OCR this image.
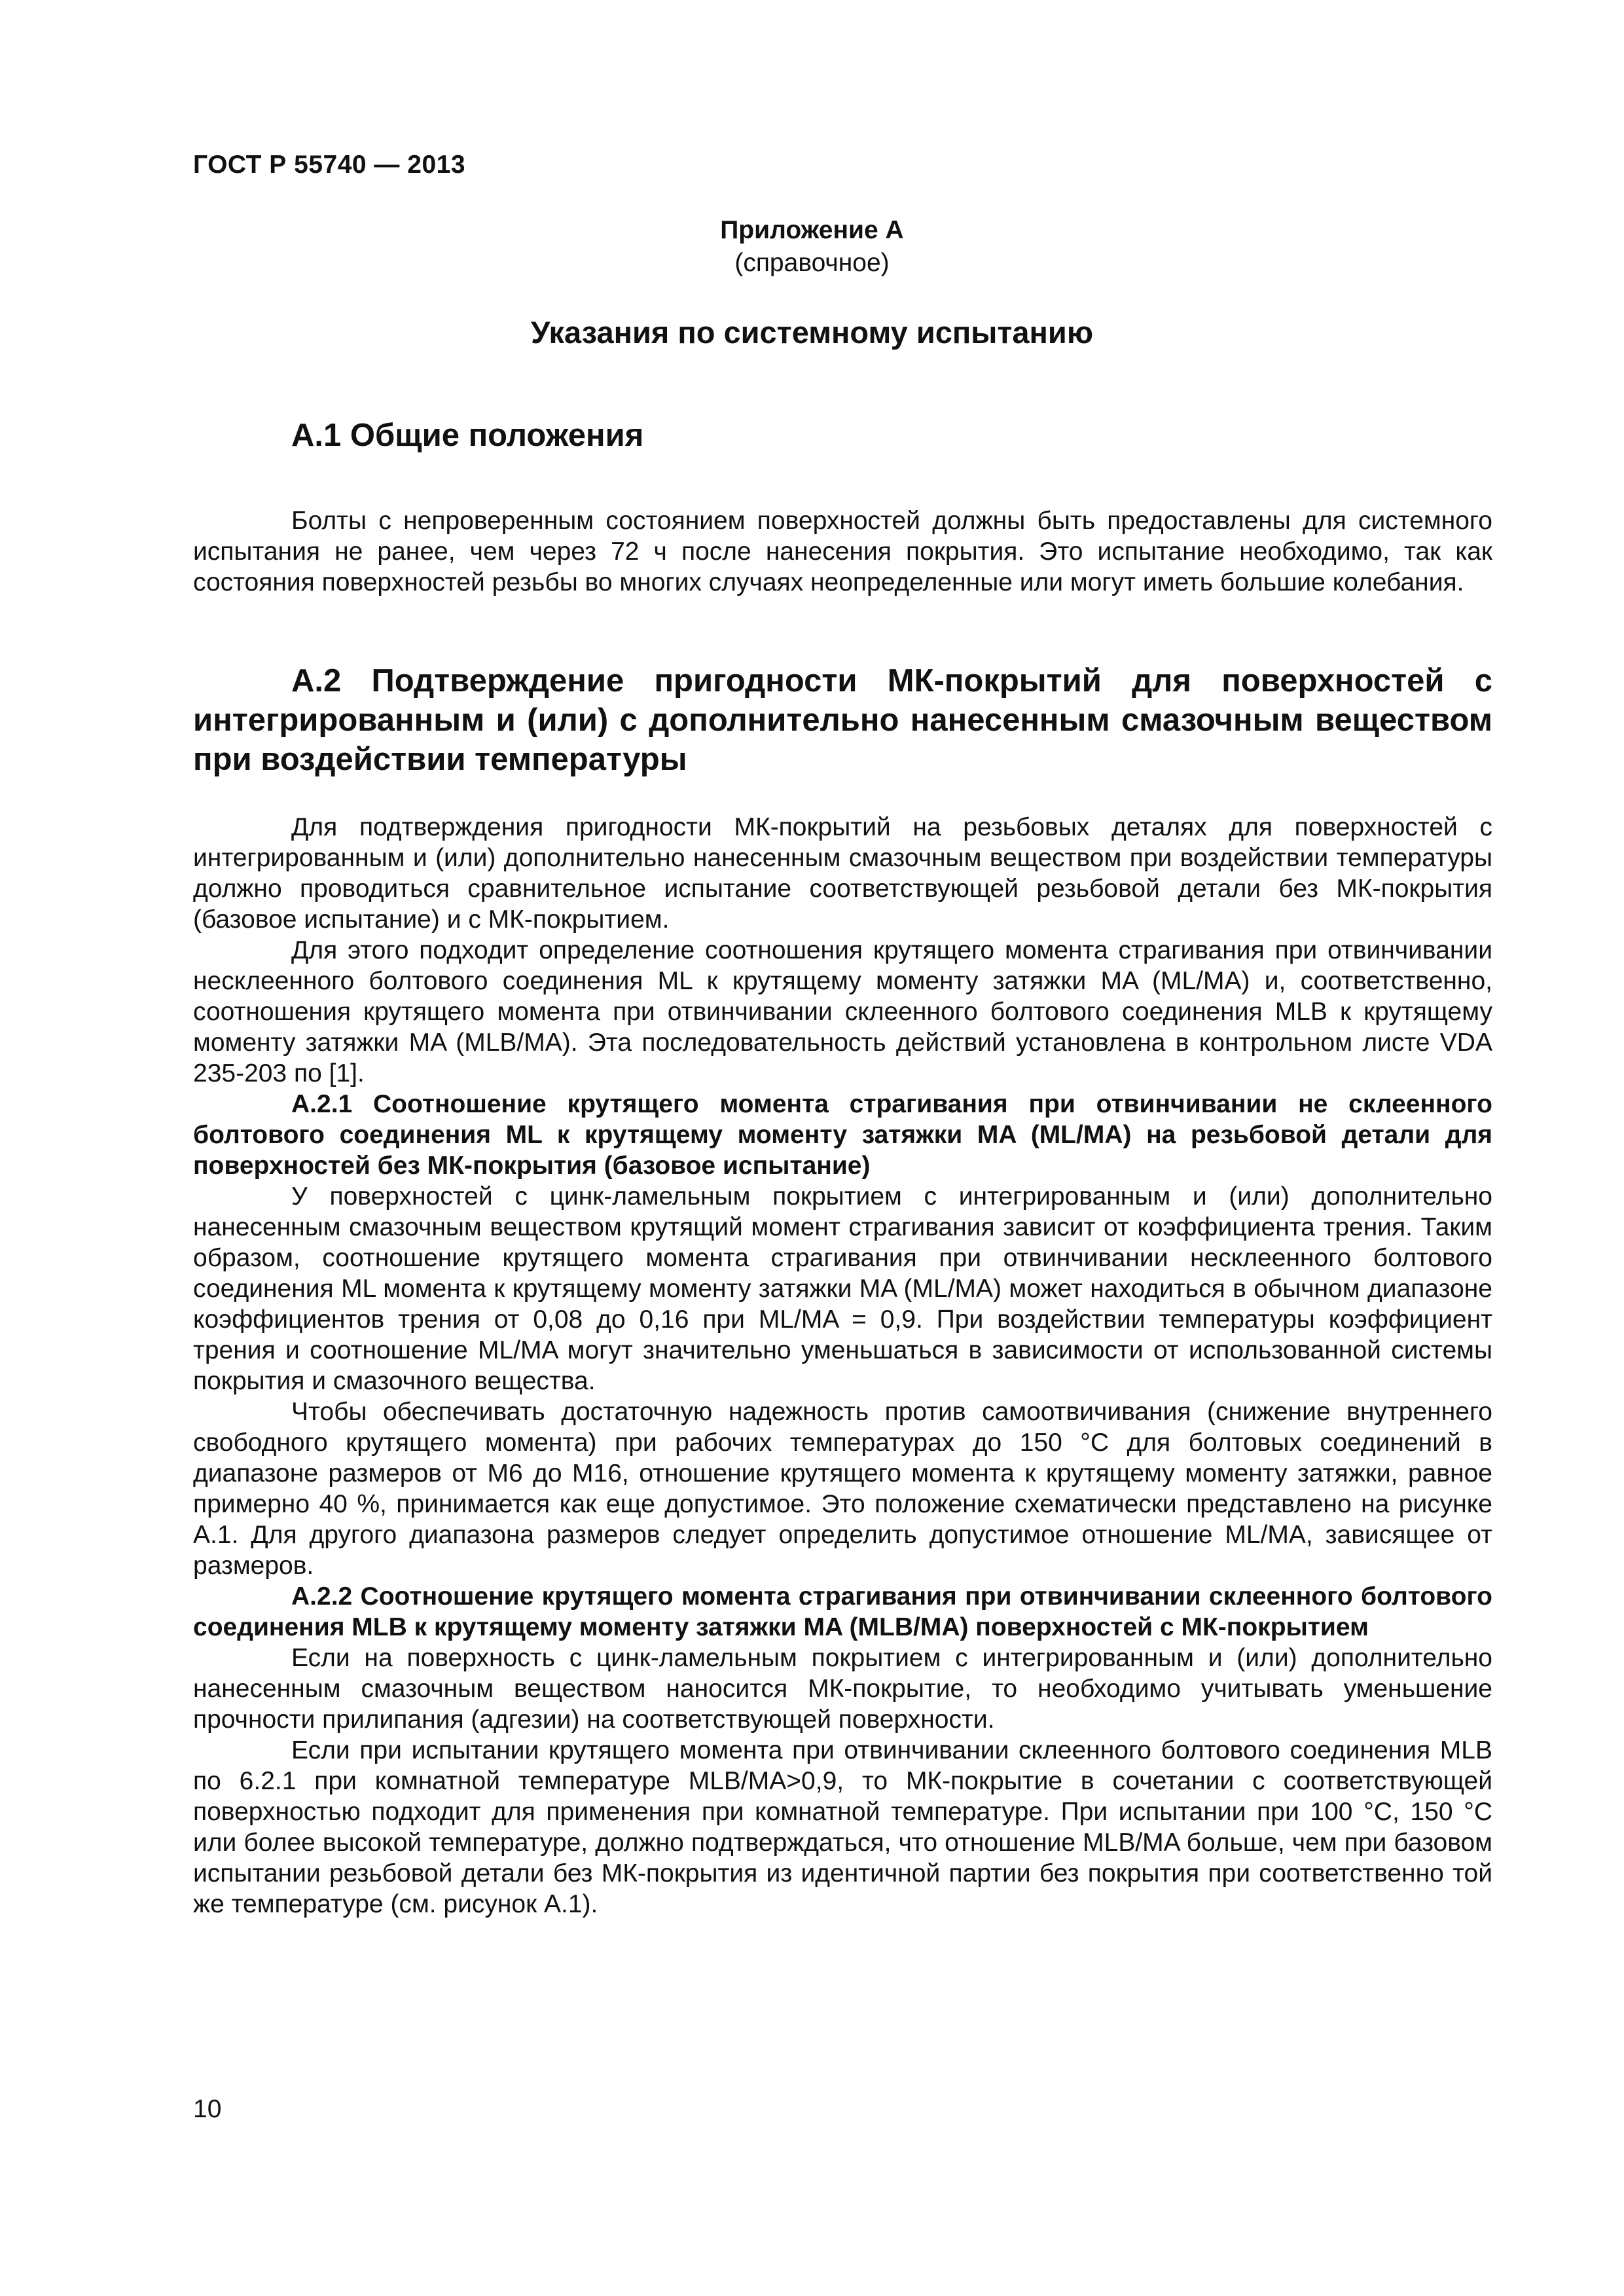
ГОСТ Р 55740 — 2013
Приложение А
(справочное)
Указания по системному испытанию
А.1 Общие положения

Болты с непроверенным состоянием поверхностей должны быть предоставлены для системного испытания не ранее, чем через 72 ч после нанесения покрытия. Это испытание необходимо, так как состояния поверхностей резьбы во многих случаях неопределенные или могут иметь большие колебания.

А.2 Подтверждение пригодности МК-покрытий для поверхностей с интегрированным и (или) с дополнительно нанесенным смазочным веществом при воздействии температуры

Для подтверждения пригодности МК-покрытий на резьбовых деталях для поверхностей с интегрированным и (или) дополнительно нанесенным смазочным веществом при воздействии температуры должно проводиться сравнительное испытание соответствующей резьбовой детали без МК-покрытия (базовое испытание) и с МК-покрытием.

Для этого подходит определение соотношения крутящего момента страгивания при отвинчивании несклеенного болтового соединения ML к крутящему моменту затяжки MA (ML/MA) и, соответственно, соотношения крутящего момента при отвинчивании склеенного болтового соединения MLB к крутящему моменту затяжки MA (MLB/MA). Эта последовательность действий установлена в контрольном листе VDA 235-203 по [1].

А.2.1 Соотношение крутящего момента страгивания при отвинчивании не склеенного болтового соединения ML к крутящему моменту затяжки MA (ML/MA) на резьбовой детали для поверхностей без МК-покрытия (базовое испытание)

У поверхностей с цинк-ламельным покрытием с интегрированным и (или) дополнительно нанесенным смазочным веществом крутящий момент страгивания зависит от коэффициента трения. Таким образом, соотношение крутящего момента страгивания при отвинчивании несклеенного болтового соединения ML момента к крутящему моменту затяжки MA (ML/MA) может находиться в обычном диапазоне коэффициентов трения от 0,08 до 0,16 при ML/MA = 0,9. При воздействии температуры коэффициент трения и соотношение ML/MA могут значительно уменьшаться в зависимости от использованной системы покрытия и смазочного вещества.

Чтобы обеспечивать достаточную надежность против самоотвичивания (снижение внутреннего свободного крутящего момента) при рабочих температурах до 150 °С для болтовых соединений в диапазоне размеров от М6 до М16, отношение крутящего момента к крутящему моменту затяжки, равное примерно 40 %, принимается как еще допустимое. Это положение схематически представлено на рисунке А.1. Для другого диапазона размеров следует определить допустимое отношение ML/MA, зависящее от размеров.

А.2.2 Соотношение крутящего момента страгивания при отвинчивании склеенного болтового соединения MLB к крутящему моменту затяжки MA (MLB/MA) поверхностей с МК-покрытием

Если на поверхность с цинк-ламельным покрытием с интегрированным и (или) дополнительно нанесенным смазочным веществом наносится МК-покрытие, то необходимо учитывать уменьшение прочности прилипания (адгезии) на соответствующей поверхности.

Если при испытании крутящего момента при отвинчивании склеенного болтового соединения MLB по 6.2.1 при комнатной температуре MLB/MA>0,9, то МК-покрытие в сочетании с соответствующей поверхностью подходит для применения при комнатной температуре. При испытании при 100 °С, 150 °С или более высокой температуре, должно подтверждаться, что отношение MLB/MA больше, чем при базовом испытании резьбовой детали без МК-покрытия из идентичной партии без покрытия при соответственно той же температуре (см. рисунок А.1).

10
